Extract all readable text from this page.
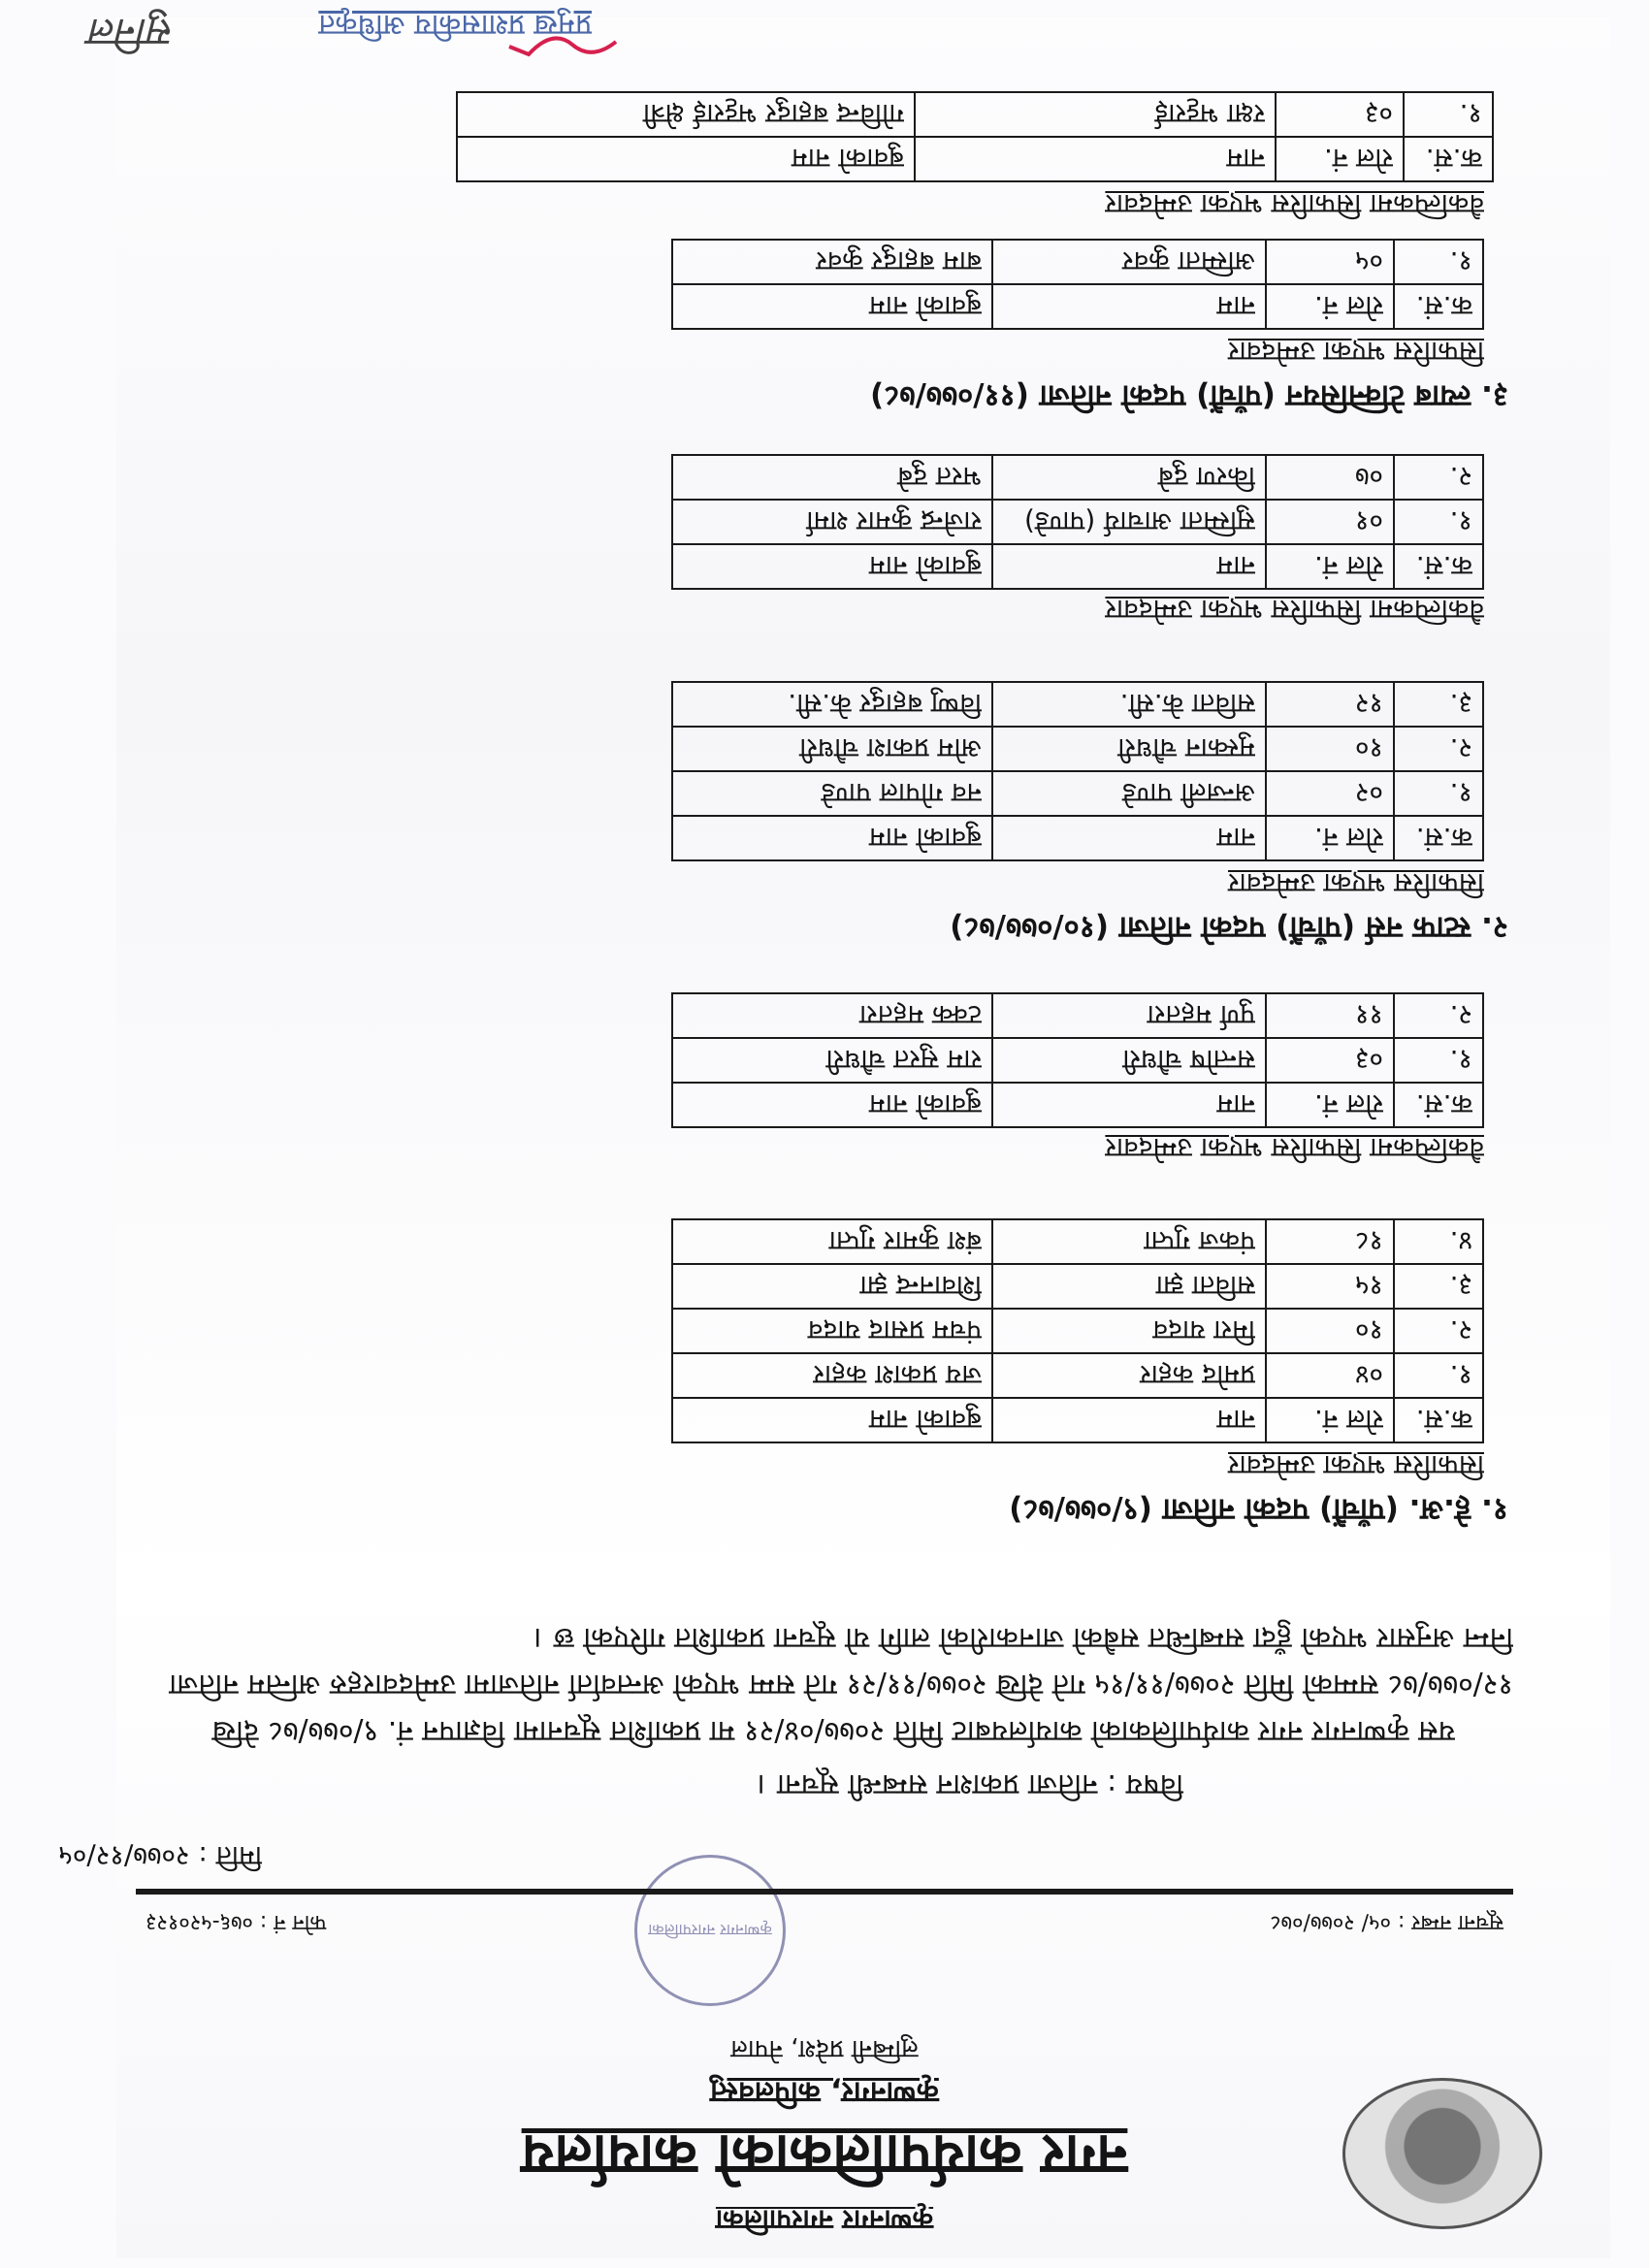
कृष्णनगर नगरपालिका
नगर कार्यपालिकाको कार्यालय
कृष्णनगर, कपिलवस्तु
लुम्बिनी प्रदेश, नेपाल
कृष्णनगर नगरपालिका	सूचना नम्बर : ०५/ २०७७/०७८
फोन नं : ०७६-५२०१२३
मिति : २०७७/१२/०५
विषय : नतिजा प्रकाशन सम्बन्धी सूचना ।
यस कृष्णनगर नगर कार्यपालिकाको कार्यालयबाट मिति २०७७/०४/२१ मा प्रकाशित सूचनामा विज्ञापन नं. ९/०७७/७८ देखि १२/०७७/७८ सम्मको मिति २०७७/११/१५ गते देखि २०७७/११/२१ गते सम्म भएको अन्तर्वार्ता नतिजामा उम्मेदवारहरु अन्तिम नतिजा निम्न अनुसार भएको हुँदा सम्बन्धित सबैको जानकारीको लागि यो सूचना प्रकाशित गरिएको छ ।
१. हे.अ. (पाँचौं) पदको नतिजा (९/०७७/७८)
सिफारिस भएका उम्मेदवार
क.सं.	रोल नं.	नाम	बुवाको नाम
१.	०४	प्रमोद कहार	जय प्रकाश कहार
२.	१०	मिरा यादव	पंचम प्रसाद यादव
३.	१५	सविता झा	शिवानन्द झा
४.	१८	पंकज गुप्ता	बंश कुमार गुप्ता
वैकल्पिकमा सिफारिस भएका उम्मेदवार
क.सं.	रोल नं.	नाम	बुवाको नाम
१.	०३	सन्तोष चौधरी	राम सुरत चौधरी
२.	११	पुर्ण महतरा	टक्क महतरा
२. स्टाफ नर्स (पाँचौं) पदको नतिजा (१०/०७७/७८)
सिफारिस भएका उम्मेदवार
क.सं.	रोल नं.	नाम	बुवाको नाम
१.	०२	अन्जली पाण्डे	नव गोपाल पाण्डे
२.	१०	मुस्कान चौधरी	ओम प्रकाश चौधरी
३.	१२	सविता के.सी.	विष्णु बहादुर के.सी.
वैकल्पिकमा सिफारिस भएका उम्मेदवार
क.सं.	रोल नं.	नाम	बुवाको नाम
१.	०१	सुस्मिता आचार्य (पाण्डे)	राजेन्द्र कुमार शर्मा
२.	०७	किरण दुबे	भरत दुबे
३. ल्याब टेक्निसियन (पाँचौं) पदको नतिजा (११/०७७/७८)
सिफारिस भएका उम्मेदवार
क.सं.	रोल नं.	नाम	बुवाको नाम
१.	०५	अस्मिता कुवर	बाम बहादुर कुवर
वैकल्पिकमा सिफारिस भएका उम्मेदवार
क.सं.	रोल नं.	नाम	बुवाको नाम
१.	०३	रक्षा भट्टराई	गोविन्द बहादुर भट्टराई क्षेत्री
प्रमुख प्रशासकीय अधिकृत
सुनिल
